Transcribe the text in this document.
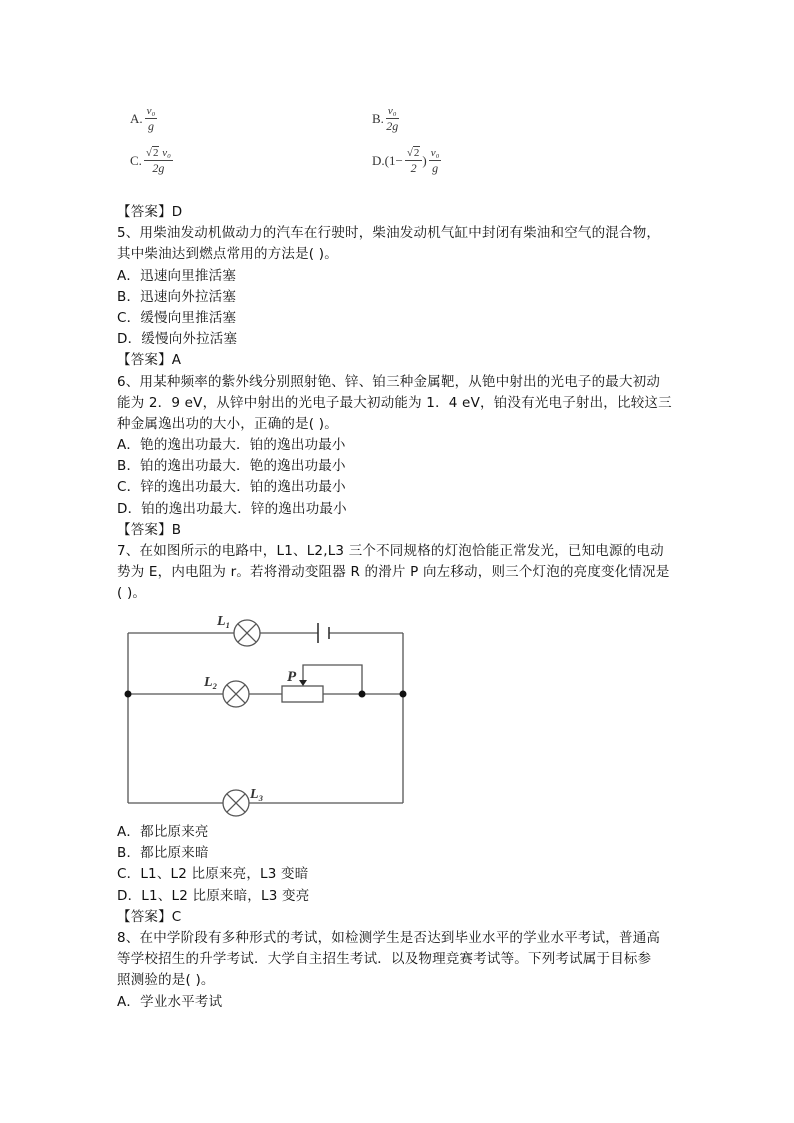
A. $\frac{\text{v₀}}{g}$	B. $\frac{\text{v₀}}{2g}$
C. $\frac{\text{√2 v₀}}{2g}$	D. ($1- \frac{√2}{2}$ ) $\frac{\text{v₀}}{g}$
【答案】D
5、用柴油发动机做动力的汽车在行驶时，柴油发动机气缸中封闭有柴油和空气的混合物，
其中柴油达到燃点常用的方法是( )。
A．迅速向里推活塞
B．迅速向外拉活塞
C．缓慢向里推活塞
D．缓慢向外拉活塞
【答案】A
6、用某种频率的紫外线分别照射铯、锌、铂三种金属靶，从铯中射出的光电子的最大初动
能为 2．9 eV，从锌中射出的光电子最大初动能为 1．4 eV，铂没有光电子射出，比较这三
种金属逸出功的大小，正确的是( )。
A．铯的逸出功最大．铂的逸出功最小
B．铂的逸出功最大．铯的逸出功最小
C．锌的逸出功最大．铂的逸出功最小
D．铂的逸出功最大．锌的逸出功最小
【答案】B
7、在如图所示的电路中，L1、L2,L3 三个不同规格的灯泡恰能正常发光，已知电源的电动
势为 E，内电阻为 r。若将滑动变阻器 R 的滑片 P 向左移动，则三个灯泡的亮度变化情况是
( )。
L₁
L₂
L₃
P
A．都比原来亮
B．都比原来暗
C．L1、L2 比原来亮，L3 变暗
D．L1、L2 比原来暗，L3 变亮
【答案】C
8、在中学阶段有多种形式的考试，如检测学生是否达到毕业水平的学业水平考试，普通高
等学校招生的升学考试．大学自主招生考试．以及物理竞赛考试等。下列考试属于目标参
照测验的是( )。
A．学业水平考试
